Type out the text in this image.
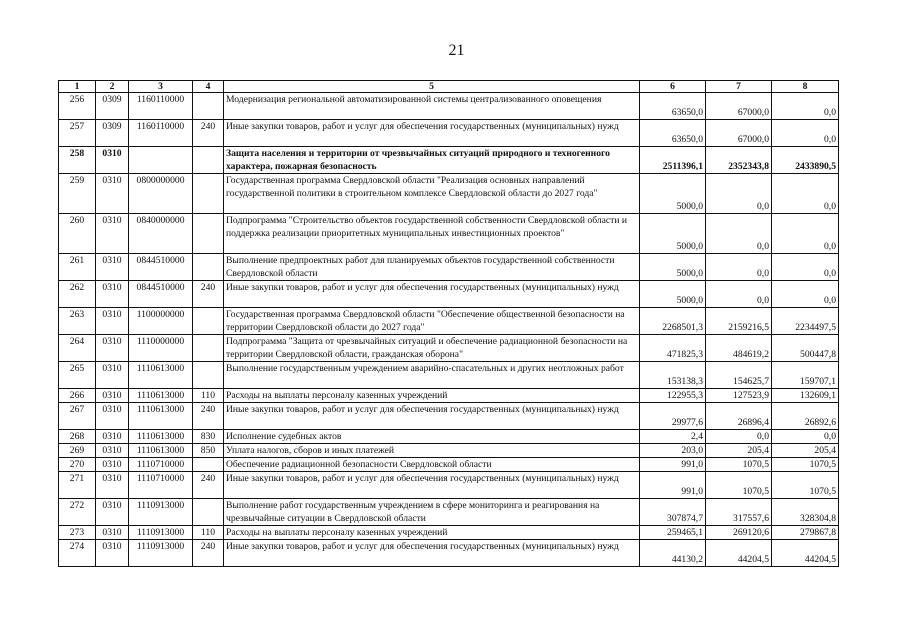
21
1	2	3	4	5	6	7	8
256	0309	1160110000		Модернизация региональной автоматизированной системы централизованного оповещения	63650,0	67000,0	0,0
257	0309	1160110000	240	Иные закупки товаров, работ и услуг для обеспечения государственных (муниципальных) нужд	63650,0	67000,0	0,0
258	0310			Защита населения и территории от чрезвычайных ситуаций природного и техногенного характера, пожарная безопасность	2511396,1	2352343,8	2433890,5
259	0310	0800000000		Государственная программа Свердловской области "Реализация основных направлений государственной политики в строительном комплексе Свердловской области до 2027 года"	5000,0	0,0	0,0
260	0310	0840000000		Подпрограмма "Строительство объектов государственной собственности Свердловской области и поддержка реализации приоритетных муниципальных инвестиционных проектов"	5000,0	0,0	0,0
261	0310	0844510000		Выполнение предпроектных работ для планируемых объектов государственной собственности Свердловской области	5000,0	0,0	0,0
262	0310	0844510000	240	Иные закупки товаров, работ и услуг для обеспечения государственных (муниципальных) нужд	5000,0	0,0	0,0
263	0310	1100000000		Государственная программа Свердловской области "Обеспечение общественной безопасности на территории Свердловской области до 2027 года"	2268501,3	2159216,5	2234497,5
264	0310	1110000000		Подпрограмма "Защита от чрезвычайных ситуаций и обеспечение радиационной безопасности на территории Свердловской области, гражданская оборона"	471825,3	484619,2	500447,8
265	0310	1110613000		Выполнение государственным учреждением аварийно-спасательных и других неотложных работ	153138,3	154625,7	159707,1
266	0310	1110613000	110	Расходы на выплаты персоналу казенных учреждений	122955,3	127523,9	132609,1
267	0310	1110613000	240	Иные закупки товаров, работ и услуг для обеспечения государственных (муниципальных) нужд	29977,6	26896,4	26892,6
268	0310	1110613000	830	Исполнение судебных актов	2,4	0,0	0,0
269	0310	1110613000	850	Уплата налогов, сборов и иных платежей	203,0	205,4	205,4
270	0310	1110710000		Обеспечение радиационной безопасности Свердловской области	991,0	1070,5	1070,5
271	0310	1110710000	240	Иные закупки товаров, работ и услуг для обеспечения государственных (муниципальных) нужд	991,0	1070,5	1070,5
272	0310	1110913000		Выполнение работ государственным учреждением в сфере мониторинга и реагирования на чрезвычайные ситуации в Свердловской области	307874,7	317557,6	328304,8
273	0310	1110913000	110	Расходы на выплаты персоналу казенных учреждений	259465,1	269120,6	279867,8
274	0310	1110913000	240	Иные закупки товаров, работ и услуг для обеспечения государственных (муниципальных) нужд	44130,2	44204,5	44204,5
